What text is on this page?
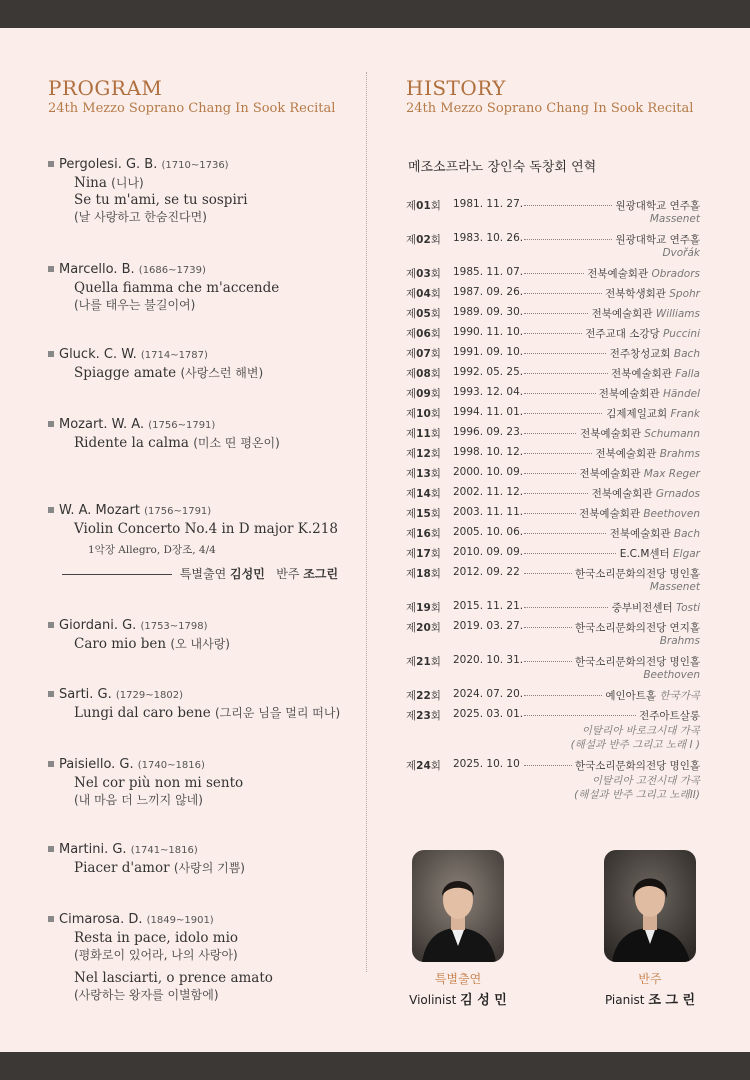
PROGRAM
24th Mezzo Soprano Chang In Sook Recital
HISTORY
24th Mezzo Soprano Chang In Sook Recital
메조소프라노 장인숙 독창회 연혁
Pergolesi. G. B. (1710~1736)
Nina (니나)
Se tu m'ami, se tu sospiri
(날 사랑하고 한숨진다면)
Marcello. B. (1686~1739)
Quella fiamma che m'accende
(나를 태우는 불길이여)
Gluck. C. W. (1714~1787)
Spiagge amate (사랑스런 해변)
Mozart. W. A. (1756~1791)
Ridente la calma (미소 띤 평온이)
W. A. Mozart (1756~1791)
Violin Concerto No.4 in D major K.218
1악장 Allegro, D장조, 4/4
Giordani. G. (1753~1798)
Caro mio ben (오 내사랑)
Sarti. G. (1729~1802)
Lungi dal caro bene (그리운 님을 멀리 떠나)
Paisiello. G. (1740~1816)
Nel cor più non mi sento
(내 마음 더 느끼지 않네)
Martini. G. (1741~1816)
Piacer d'amor (사랑의 기쁨)
Cimarosa. D. (1849~1901)
Resta in pace, idolo mio
(평화로이 있어라, 나의 사랑아)
Nel lasciarti, o prence amato
(사랑하는 왕자를 이별함에)
특별출연 김성민 반주 조그린
제01회 1981. 11. 27.	원광대학교 연주홀
Massenet
제02회 1983. 10. 26.	원광대학교 연주홀
Dvořák
제03회 1985. 11. 07.	전북예술회관 Obradors
제04회 1987. 09. 26.	전북학생회관 Spohr
제05회 1989. 09. 30.	전북예술회관 Williams
제06회 1990. 11. 10.	전주교대 소강당 Puccini
제07회 1991. 09. 10.	전주창성교회 Bach
제08회 1992. 05. 25.	전북예술회관 Falla
제09회 1993. 12. 04.	전북예술회관 Händel
제10회 1994. 11. 01.	김제제일교회 Frank
제11회 1996. 09. 23.	전북예술회관 Schumann
제12회 1998. 10. 12.	전북예술회관 Brahms
제13회 2000. 10. 09.	전북예술회관 Max Reger
제14회 2002. 11. 12.	전북예술회관 Grnados
제15회 2003. 11. 11.	전북예술회관 Beethoven
제16회 2005. 10. 06.	전북예술회관 Bach
제17회 2010. 09. 09.	E.C.M센터 Elgar
제18회 2012. 09. 22	한국소리문화의전당 명인홀
Massenet
제19회 2015. 11. 21.	중부비전센터 Tosti
제20회 2019. 03. 27.	한국소리문화의전당 연지홀
Brahms
제21회 2020. 10. 31.	한국소리문화의전당 명인홀
Beethoven
제22회 2024. 07. 20.	예인아트홀 한국가곡
제23회 2025. 03. 01.	전주아트살롱
이탈리아 바로크시대 가곡
(해설과 반주 그리고 노래 I )
제24회 2025. 10. 10	한국소리문화의전당 명인홀
이탈리아 고전시대 가곡
(해설과 반주 그리고 노래II)
특별출연
Violinist 김 성 민
반주
Pianist 조 그 린
